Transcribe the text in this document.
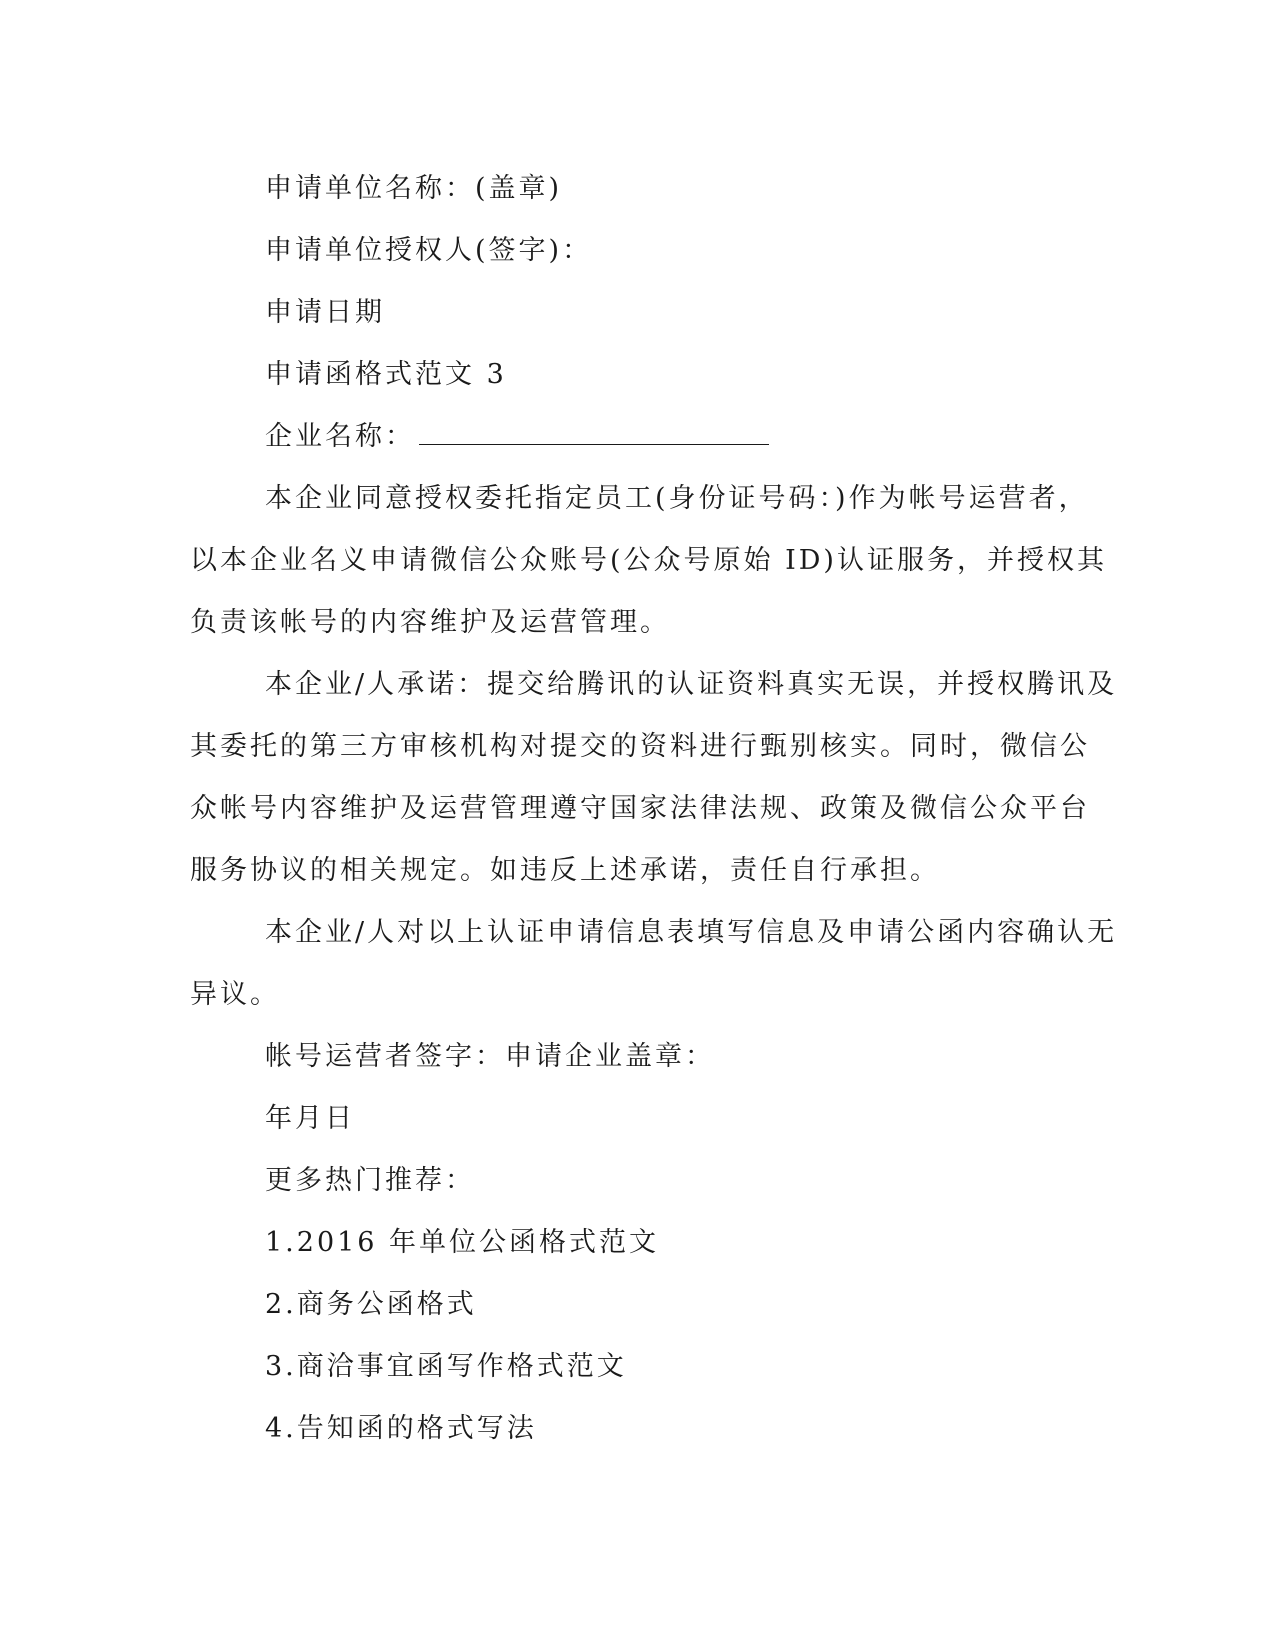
申请单位名称：(盖章)
申请单位授权人(签字)：
申请日期
申请函格式范文 3
企业名称：

本企业同意授权委托指定员工(身份证号码：)作为帐号运营者，

以本企业名义申请微信公众账号(公众号原始 ID)认证服务，并授权其

负责该帐号的内容维护及运营管理。

本企业/人承诺：提交给腾讯的认证资料真实无误，并授权腾讯及

其委托的第三方审核机构对提交的资料进行甄别核实。同时，微信公

众帐号内容维护及运营管理遵守国家法律法规、政策及微信公众平台

服务协议的相关规定。如违反上述承诺，责任自行承担。

本企业/人对以上认证申请信息表填写信息及申请公函内容确认无

异议。

帐号运营者签字：申请企业盖章：
年月日
更多热门推荐：
1.2016 年单位公函格式范文
2.商务公函格式
3.商洽事宜函写作格式范文
4.告知函的格式写法
